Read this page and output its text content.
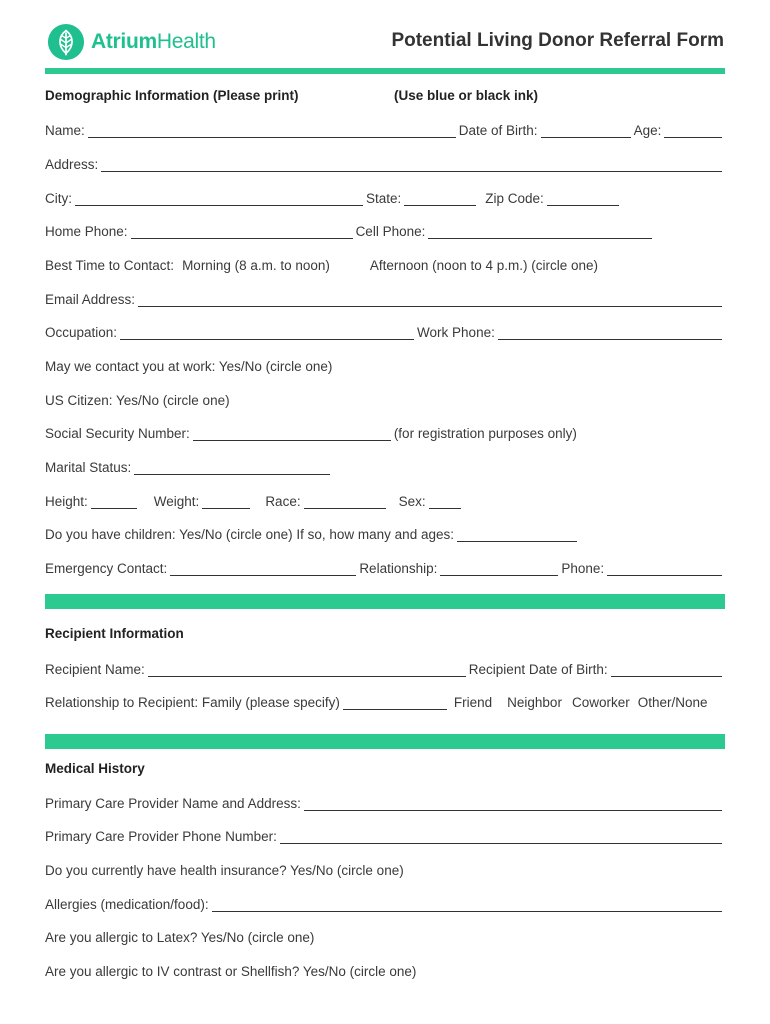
AtriumHealth	Potential Living Donor Referral Form
Demographic Information (Please print)	(Use blue or black ink)
Name:	Date of Birth:	Age:
Address:
City:	State:	Zip Code:
Home Phone:	Cell Phone:
Best Time to Contact: Morning (8 a.m. to noon)	Afternoon (noon to 4 p.m.) (circle one)
Email Address:
Occupation:	Work Phone:
May we contact you at work: Yes/No (circle one)
US Citizen: Yes/No (circle one)
Social Security Number:	(for registration purposes only)
Marital Status:
Height:	Weight:	Race:	Sex:
Do you have children: Yes/No (circle one) If so, how many and ages:
Emergency Contact:	Relationship:	Phone:
Recipient Information
Recipient Name:	Recipient Date of Birth:
Relationship to Recipient: Family (please specify)	Friend Neighbor Coworker Other/None
Medical History
Primary Care Provider Name and Address:
Primary Care Provider Phone Number:
Do you currently have health insurance? Yes/No (circle one)
Allergies (medication/food):
Are you allergic to Latex? Yes/No (circle one)
Are you allergic to IV contrast or Shellfish? Yes/No (circle one)
